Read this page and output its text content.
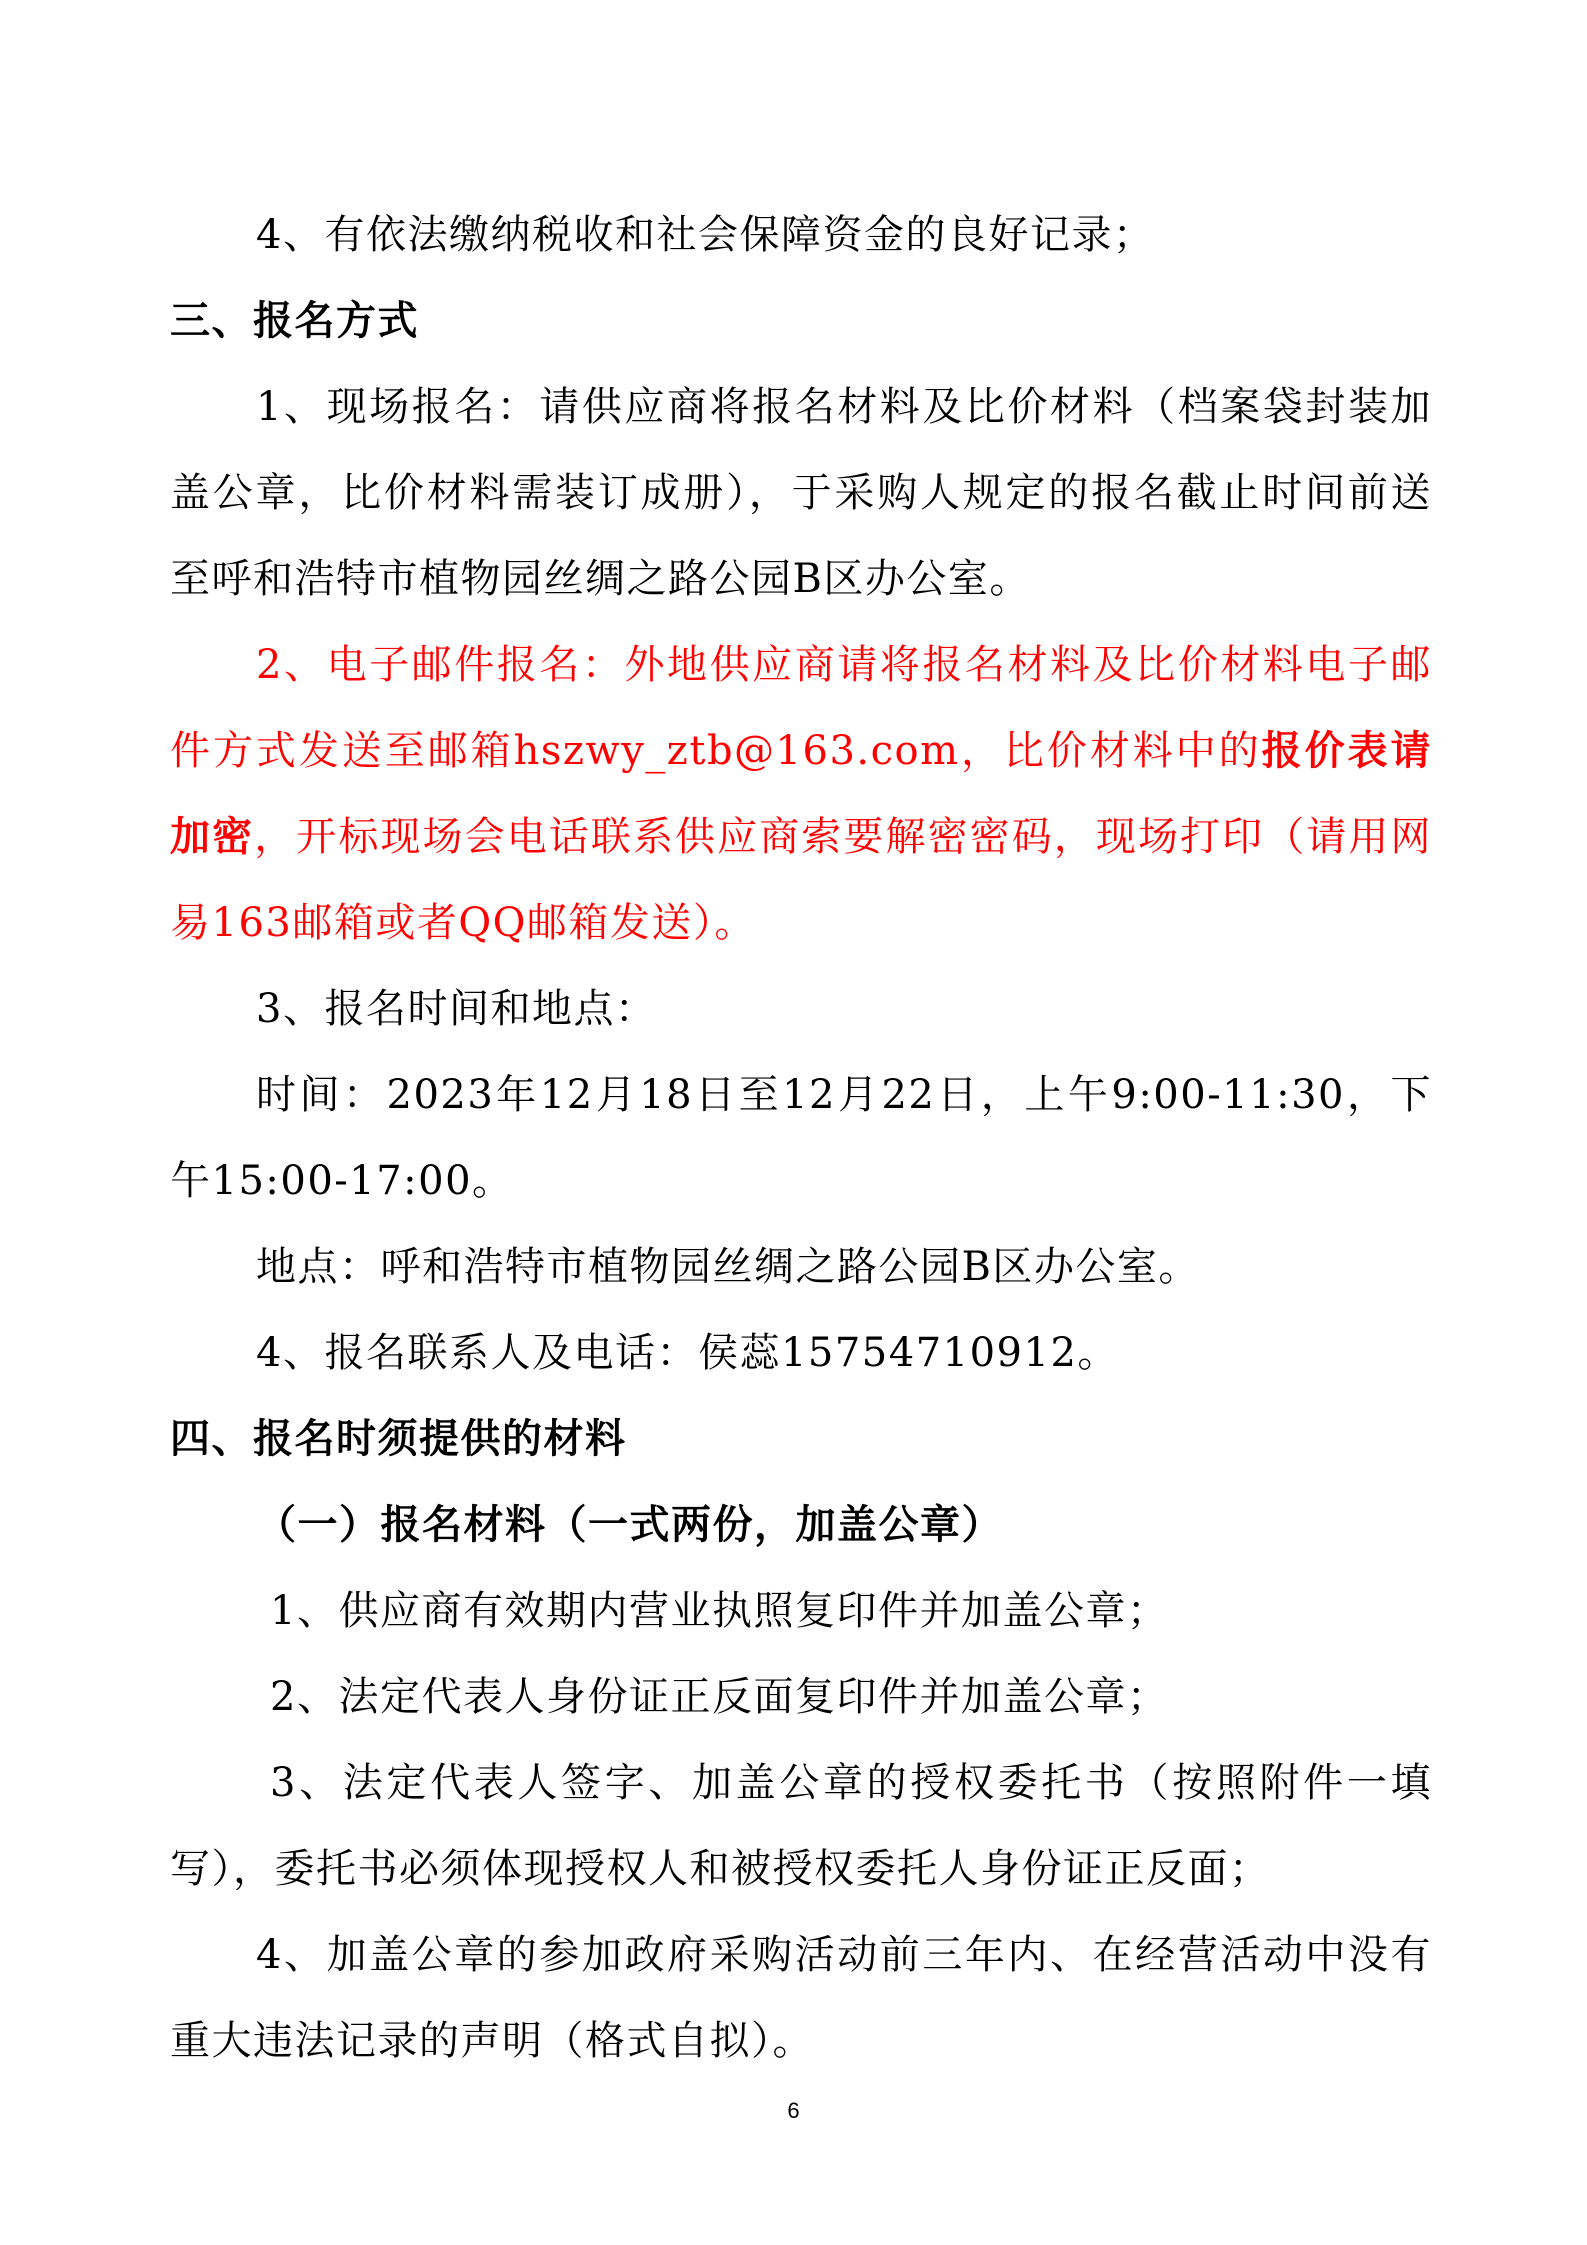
4、有依法缴纳税收和社会保障资金的良好记录；

三、报名方式

1、现场报名：请供应商将报名材料及比价材料（档案袋封装加盖公章，比价材料需装订成册），于采购人规定的报名截止时间前送至呼和浩特市植物园丝绸之路公园B区办公室。

2、电子邮件报名：外地供应商请将报名材料及比价材料电子邮件方式发送至邮箱hszwy_ztb@163.com，比价材料中的报价表请加密，开标现场会电话联系供应商索要解密密码，现场打印（请用网易163邮箱或者QQ邮箱发送）。

3、报名时间和地点：

时间：2023年12月18日至12月22日，上午9:00-11:30，下午15:00-17:00。

地点：呼和浩特市植物园丝绸之路公园B区办公室。

4、报名联系人及电话：侯蕊15754710912。

四、报名时须提供的材料

（一）报名材料（一式两份，加盖公章）

1、供应商有效期内营业执照复印件并加盖公章；

2、法定代表人身份证正反面复印件并加盖公章；

3、法定代表人签字、加盖公章的授权委托书（按照附件一填写），委托书必须体现授权人和被授权委托人身份证正反面；

4、加盖公章的参加政府采购活动前三年内、在经营活动中没有重大违法记录的声明（格式自拟）。

6
